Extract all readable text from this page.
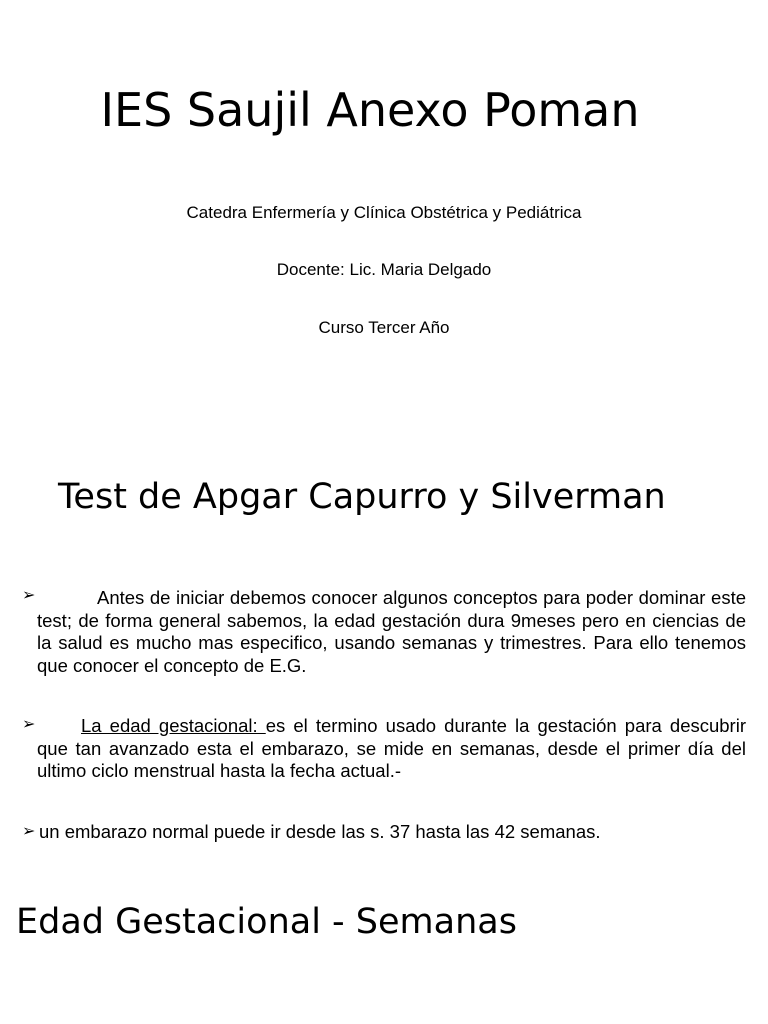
IES Saujil Anexo Poman

Catedra Enfermería y Clínica Obstétrica y Pediátrica

Docente: Lic. Maria Delgado

Curso Tercer Año

Test de Apgar Capurro y Silverman
➢	Antes de iniciar debemos conocer algunos conceptos para poder dominar este test; de forma general sabemos, la edad gestación dura 9meses pero en ciencias de la salud es mucho mas especifico, usando semanas y trimestres. Para ello tenemos que conocer el concepto de E.G.

➢	La edad gestacional: es el termino usado durante la gestación para descubrir que tan avanzado esta el embarazo, se mide en semanas, desde el primer día del ultimo ciclo menstrual hasta la fecha actual.-

➢ un embarazo normal puede ir desde las s. 37 hasta las 42 semanas.

Edad Gestacional - Semanas
